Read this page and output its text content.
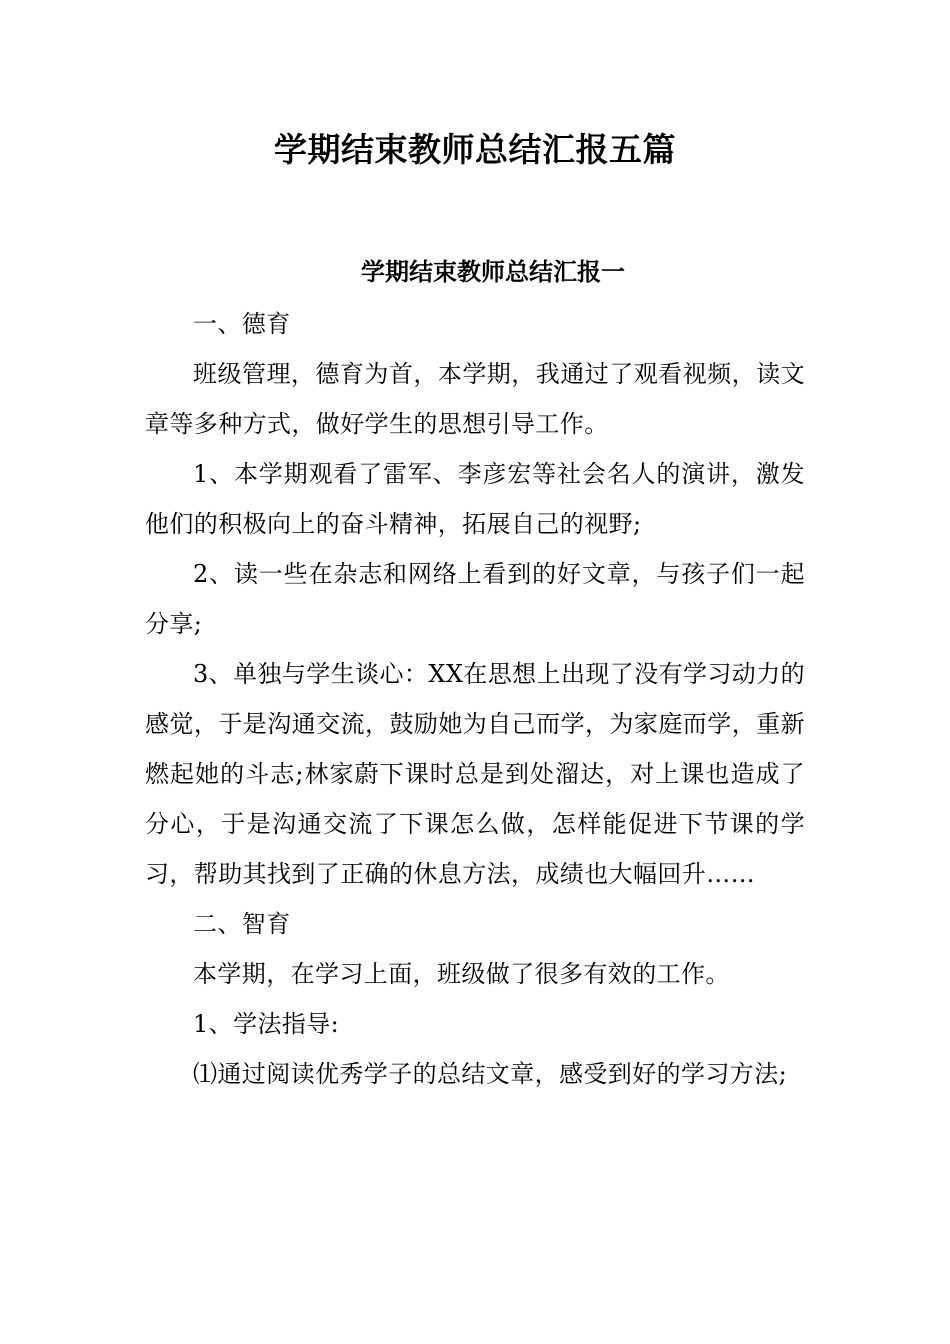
学期结束教师总结汇报五篇
学期结束教师总结汇报一

一、德育

班级管理，德育为首，本学期，我通过了观看视频，读文章等多种方式，做好学生的思想引导工作。

1、本学期观看了雷军、李彦宏等社会名人的演讲，激发他们的积极向上的奋斗精神，拓展自己的视野;

2、读一些在杂志和网络上看到的好文章，与孩子们一起分享;

3、单独与学生谈心：XX在思想上出现了没有学习动力的感觉，于是沟通交流，鼓励她为自己而学，为家庭而学，重新燃起她的斗志;林家蔚下课时总是到处溜达，对上课也造成了分心，于是沟通交流了下课怎么做，怎样能促进下节课的学习，帮助其找到了正确的休息方法，成绩也大幅回升……

二、智育

本学期，在学习上面，班级做了很多有效的工作。

1、学法指导:

⑴通过阅读优秀学子的总结文章，感受到好的学习方法;
